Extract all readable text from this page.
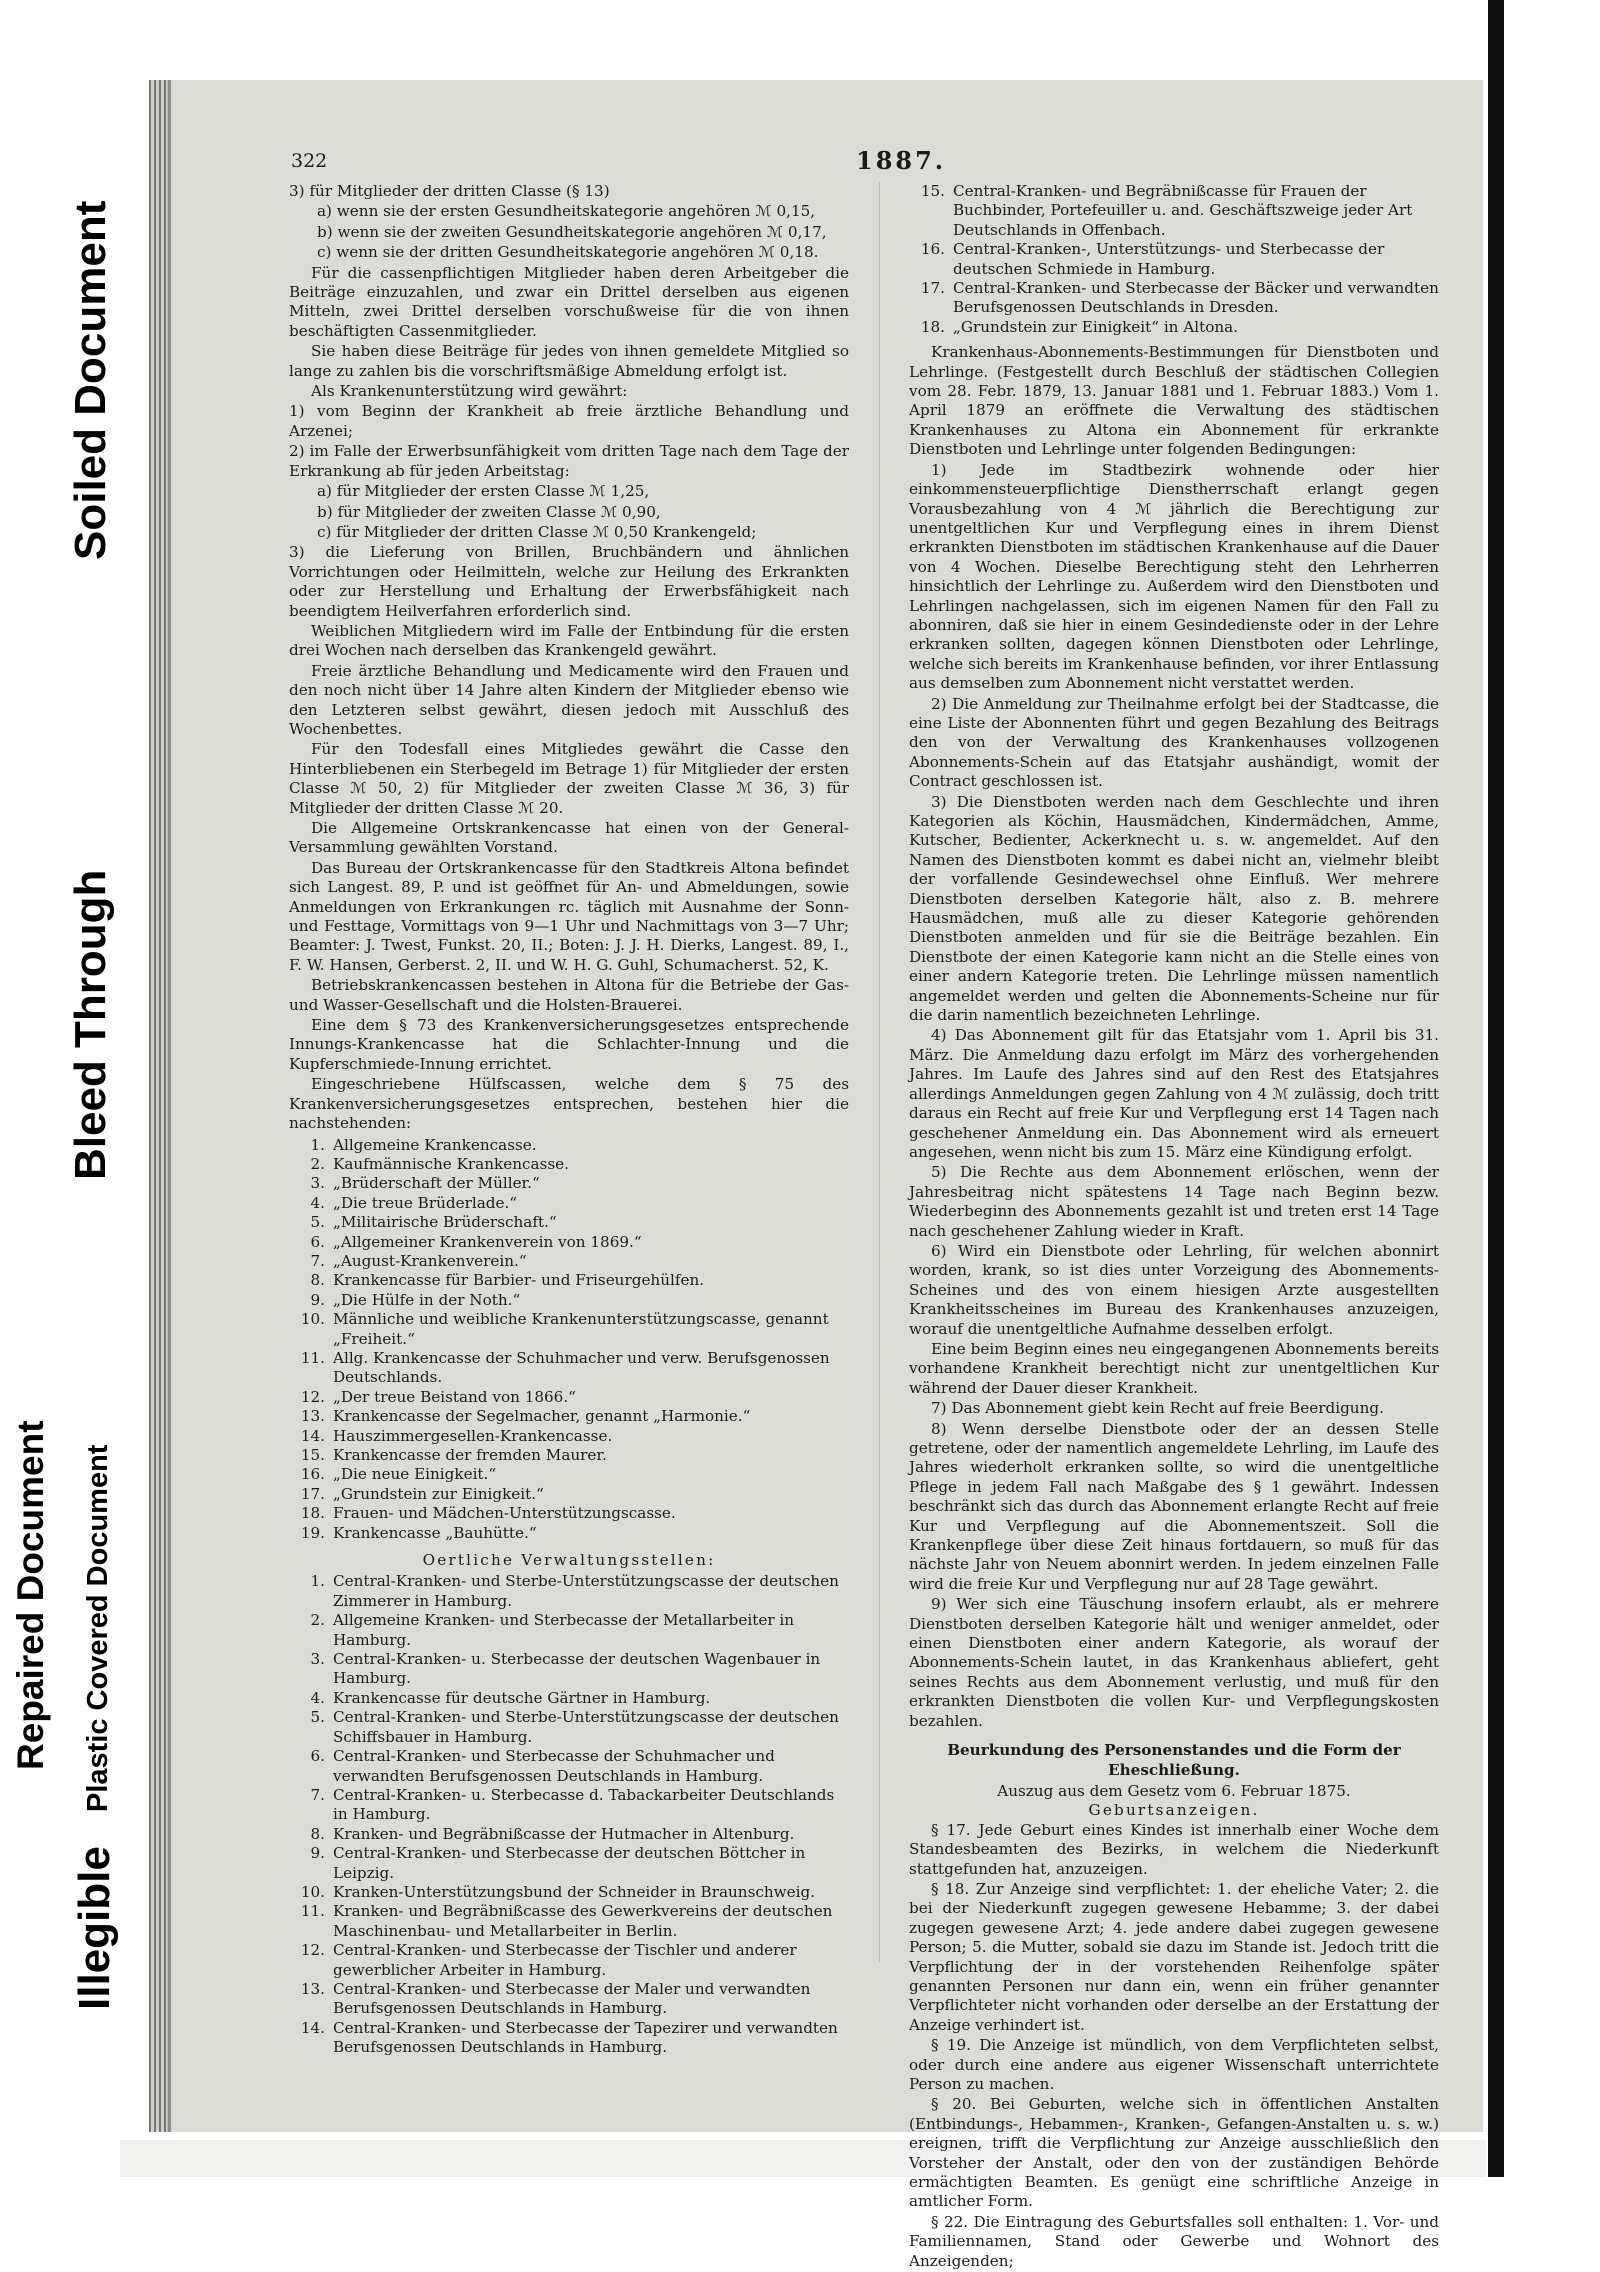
Illegible
Repaired Document Plastic Covered Document
Bleed Through
Soiled Document
322	1887.

3) für Mitglieder der dritten Classe (§ 13)

a) wenn sie der ersten Gesundheitskategorie angehören ℳ 0,15,

b) wenn sie der zweiten Gesundheitskategorie angehören ℳ 0,17,

c) wenn sie der dritten Gesundheitskategorie angehören ℳ 0,18.

Für die cassenpflichtigen Mitglieder haben deren Arbeitgeber die Beiträge einzuzahlen, und zwar ein Drittel derselben aus eigenen Mitteln, zwei Drittel derselben vorschußweise für die von ihnen beschäftigten Cassenmitglieder.

Sie haben diese Beiträge für jedes von ihnen gemeldete Mitglied so lange zu zahlen bis die vorschriftsmäßige Abmeldung erfolgt ist.

Als Krankenunterstützung wird gewährt:

1) vom Beginn der Krankheit ab freie ärztliche Behandlung und Arzenei;

2) im Falle der Erwerbsunfähigkeit vom dritten Tage nach dem Tage der Erkrankung ab für jeden Arbeitstag:

a) für Mitglieder der ersten Classe ℳ 1,25,

b) für Mitglieder der zweiten Classe ℳ 0,90,

c) für Mitglieder der dritten Classe ℳ 0,50 Krankengeld;

3) die Lieferung von Brillen, Bruchbändern und ähnlichen Vorrichtungen oder Heilmitteln, welche zur Heilung des Erkrankten oder zur Herstellung und Erhaltung der Erwerbsfähigkeit nach beendigtem Heilverfahren erforderlich sind.

Weiblichen Mitgliedern wird im Falle der Entbindung für die ersten drei Wochen nach derselben das Krankengeld gewährt.

Freie ärztliche Behandlung und Medicamente wird den Frauen und den noch nicht über 14 Jahre alten Kindern der Mitglieder ebenso wie den Letzteren selbst gewährt, diesen jedoch mit Ausschluß des Wochenbettes.

Für den Todesfall eines Mitgliedes gewährt die Casse den Hinterbliebenen ein Sterbegeld im Betrage 1) für Mitglieder der ersten Classe ℳ 50, 2) für Mitglieder der zweiten Classe ℳ 36, 3) für Mitglieder der dritten Classe ℳ 20.

Die Allgemeine Ortskrankencasse hat einen von der General-Versammlung gewählten Vorstand.

Das Bureau der Ortskrankencasse für den Stadtkreis Altona befindet sich Langest. 89, P. und ist geöffnet für An- und Abmeldungen, sowie Anmeldungen von Erkrankungen rc. täglich mit Ausnahme der Sonn- und Festtage, Vormittags von 9—1 Uhr und Nachmittags von 3—7 Uhr; Beamter: J. Twest, Funkst. 20, II.; Boten: J. J. H. Dierks, Langest. 89, I., F. W. Hansen, Gerberst. 2, II. und W. H. G. Guhl, Schumacherst. 52, K.

Betriebskrankencassen bestehen in Altona für die Betriebe der Gas- und Wasser-Gesellschaft und die Holsten-Brauerei.

Eine dem § 73 des Krankenversicherungsgesetzes entsprechende Innungs-Krankencasse hat die Schlachter-Innung und die Kupferschmiede-Innung errichtet.

Eingeschriebene Hülfscassen, welche dem § 75 des Krankenversicherungsgesetzes entsprechen, bestehen hier die nachstehenden:

1. Allgemeine Krankencasse.
2. Kaufmännische Krankencasse.
3. „Brüderschaft der Müller.“
4. „Die treue Brüderlade.“
5. „Militairische Brüderschaft.“
6. „Allgemeiner Krankenverein von 1869.“
7. „August-Krankenverein.“
8. Krankencasse für Barbier- und Friseurgehülfen.
9. „Die Hülfe in der Noth.“
10. Männliche und weibliche Krankenunterstützungscasse, genannt „Freiheit.“
11. Allg. Krankencasse der Schuhmacher und verw. Berufsgenossen Deutschlands.
12. „Der treue Beistand von 1866.“
13. Krankencasse der Segelmacher, genannt „Harmonie.“
14. Hauszimmergesellen-Krankencasse.
15. Krankencasse der fremden Maurer.
16. „Die neue Einigkeit.“
17. „Grundstein zur Einigkeit.“
18. Frauen- und Mädchen-Unterstützungscasse.
19. Krankencasse „Bauhütte.“
Oertliche Verwaltungsstellen:
1. Central-Kranken- und Sterbe-Unterstützungscasse der deutschen Zimmerer in Hamburg.
2. Allgemeine Kranken- und Sterbecasse der Metallarbeiter in Hamburg.
3. Central-Kranken- u. Sterbecasse der deutschen Wagenbauer in Hamburg.
4. Krankencasse für deutsche Gärtner in Hamburg.
5. Central-Kranken- und Sterbe-Unterstützungscasse der deutschen Schiffsbauer in Hamburg.
6. Central-Kranken- und Sterbecasse der Schuhmacher und verwandten Berufsgenossen Deutschlands in Hamburg.
7. Central-Kranken- u. Sterbecasse d. Tabackarbeiter Deutschlands in Hamburg.
8. Kranken- und Begräbnißcasse der Hutmacher in Altenburg.
9. Central-Kranken- und Sterbecasse der deutschen Böttcher in Leipzig.
10. Kranken-Unterstützungsbund der Schneider in Braunschweig.
11. Kranken- und Begräbnißcasse des Gewerkvereins der deutschen Maschinenbau- und Metallarbeiter in Berlin.
12. Central-Kranken- und Sterbecasse der Tischler und anderer gewerblicher Arbeiter in Hamburg.
13. Central-Kranken- und Sterbecasse der Maler und verwandten Berufsgenossen Deutschlands in Hamburg.
14. Central-Kranken- und Sterbecasse der Tapezirer und verwandten Berufsgenossen Deutschlands in Hamburg.
15. Central-Kranken- und Begräbnißcasse für Frauen der Buchbinder, Portefeuiller u. and. Geschäftszweige jeder Art Deutschlands in Offenbach.
16. Central-Kranken-, Unterstützungs- und Sterbecasse der deutschen Schmiede in Hamburg.
17. Central-Kranken- und Sterbecasse der Bäcker und verwandten Berufsgenossen Deutschlands in Dresden.
18. „Grundstein zur Einigkeit“ in Altona.

Krankenhaus-Abonnements-Bestimmungen für Dienstboten und Lehrlinge. (Festgestellt durch Beschluß der städtischen Collegien vom 28. Febr. 1879, 13. Januar 1881 und 1. Februar 1883.) Vom 1. April 1879 an eröffnete die Verwaltung des städtischen Krankenhauses zu Altona ein Abonnement für erkrankte Dienstboten und Lehrlinge unter folgenden Bedingungen:

1) Jede im Stadtbezirk wohnende oder hier einkommensteuerpflichtige Dienstherrschaft erlangt gegen Vorausbezahlung von 4 ℳ jährlich die Berechtigung zur unentgeltlichen Kur und Verpflegung eines in ihrem Dienst erkrankten Dienstboten im städtischen Krankenhause auf die Dauer von 4 Wochen. Dieselbe Berechtigung steht den Lehrherren hinsichtlich der Lehrlinge zu. Außerdem wird den Dienstboten und Lehrlingen nachgelassen, sich im eigenen Namen für den Fall zu abonniren, daß sie hier in einem Gesindedienste oder in der Lehre erkranken sollten, dagegen können Dienstboten oder Lehrlinge, welche sich bereits im Krankenhause befinden, vor ihrer Entlassung aus demselben zum Abonnement nicht verstattet werden.

2) Die Anmeldung zur Theilnahme erfolgt bei der Stadtcasse, die eine Liste der Abonnenten führt und gegen Bezahlung des Beitrags den von der Verwaltung des Krankenhauses vollzogenen Abonnements-Schein auf das Etatsjahr aushändigt, womit der Contract geschlossen ist.

3) Die Dienstboten werden nach dem Geschlechte und ihren Kategorien als Köchin, Hausmädchen, Kindermädchen, Amme, Kutscher, Bedienter, Ackerknecht u. s. w. angemeldet. Auf den Namen des Dienstboten kommt es dabei nicht an, vielmehr bleibt der vorfallende Gesindewechsel ohne Einfluß. Wer mehrere Dienstboten derselben Kategorie hält, also z. B. mehrere Hausmädchen, muß alle zu dieser Kategorie gehörenden Dienstboten anmelden und für sie die Beiträge bezahlen. Ein Dienstbote der einen Kategorie kann nicht an die Stelle eines von einer andern Kategorie treten. Die Lehrlinge müssen namentlich angemeldet werden und gelten die Abonnements-Scheine nur für die darin namentlich bezeichneten Lehrlinge.

4) Das Abonnement gilt für das Etatsjahr vom 1. April bis 31. März. Die Anmeldung dazu erfolgt im März des vorhergehenden Jahres. Im Laufe des Jahres sind auf den Rest des Etatsjahres allerdings Anmeldungen gegen Zahlung von 4 ℳ zulässig, doch tritt daraus ein Recht auf freie Kur und Verpflegung erst 14 Tagen nach geschehener Anmeldung ein. Das Abonnement wird als erneuert angesehen, wenn nicht bis zum 15. März eine Kündigung erfolgt.

5) Die Rechte aus dem Abonnement erlöschen, wenn der Jahresbeitrag nicht spätestens 14 Tage nach Beginn bezw. Wiederbeginn des Abonnements gezahlt ist und treten erst 14 Tage nach geschehener Zahlung wieder in Kraft.

6) Wird ein Dienstbote oder Lehrling, für welchen abonnirt worden, krank, so ist dies unter Vorzeigung des Abonnements-Scheines und des von einem hiesigen Arzte ausgestellten Krankheitsscheines im Bureau des Krankenhauses anzuzeigen, worauf die unentgeltliche Aufnahme desselben erfolgt.

Eine beim Beginn eines neu eingegangenen Abonnements bereits vorhandene Krankheit berechtigt nicht zur unentgeltlichen Kur während der Dauer dieser Krankheit.

7) Das Abonnement giebt kein Recht auf freie Beerdigung.

8) Wenn derselbe Dienstbote oder der an dessen Stelle getretene, oder der namentlich angemeldete Lehrling, im Laufe des Jahres wiederholt erkranken sollte, so wird die unentgeltliche Pflege in jedem Fall nach Maßgabe des § 1 gewährt. Indessen beschränkt sich das durch das Abonnement erlangte Recht auf freie Kur und Verpflegung auf die Abonnementszeit. Soll die Krankenpflege über diese Zeit hinaus fortdauern, so muß für das nächste Jahr von Neuem abonnirt werden. In jedem einzelnen Falle wird die freie Kur und Verpflegung nur auf 28 Tage gewährt.

9) Wer sich eine Täuschung insofern erlaubt, als er mehrere Dienstboten derselben Kategorie hält und weniger anmeldet, oder einen Dienstboten einer andern Kategorie, als worauf der Abonnements-Schein lautet, in das Krankenhaus abliefert, geht seines Rechts aus dem Abonnement verlustig, und muß für den erkrankten Dienstboten die vollen Kur- und Verpflegungskosten bezahlen.

Beurkundung des Personenstandes und die Form der Eheschließung.
Auszug aus dem Gesetz vom 6. Februar 1875.
Geburtsanzeigen.

§ 17. Jede Geburt eines Kindes ist innerhalb einer Woche dem Standesbeamten des Bezirks, in welchem die Niederkunft stattgefunden hat, anzuzeigen.

§ 18. Zur Anzeige sind verpflichtet: 1. der eheliche Vater; 2. die bei der Niederkunft zugegen gewesene Hebamme; 3. der dabei zugegen gewesene Arzt; 4. jede andere dabei zugegen gewesene Person; 5. die Mutter, sobald sie dazu im Stande ist. Jedoch tritt die Verpflichtung der in der vorstehenden Reihenfolge später genannten Personen nur dann ein, wenn ein früher genannter Verpflichteter nicht vorhanden oder derselbe an der Erstattung der Anzeige verhindert ist.

§ 19. Die Anzeige ist mündlich, von dem Verpflichteten selbst, oder durch eine andere aus eigener Wissenschaft unterrichtete Person zu machen.

§ 20. Bei Geburten, welche sich in öffentlichen Anstalten (Entbindungs-, Hebammen-, Kranken-, Gefangen-Anstalten u. s. w.) ereignen, trifft die Verpflichtung zur Anzeige ausschließlich den Vorsteher der Anstalt, oder den von der zuständigen Behörde ermächtigten Beamten. Es genügt eine schriftliche Anzeige in amtlicher Form.

§ 22. Die Eintragung des Geburtsfalles soll enthalten: 1. Vor- und Familiennamen, Stand oder Gewerbe und Wohnort des Anzeigenden;
